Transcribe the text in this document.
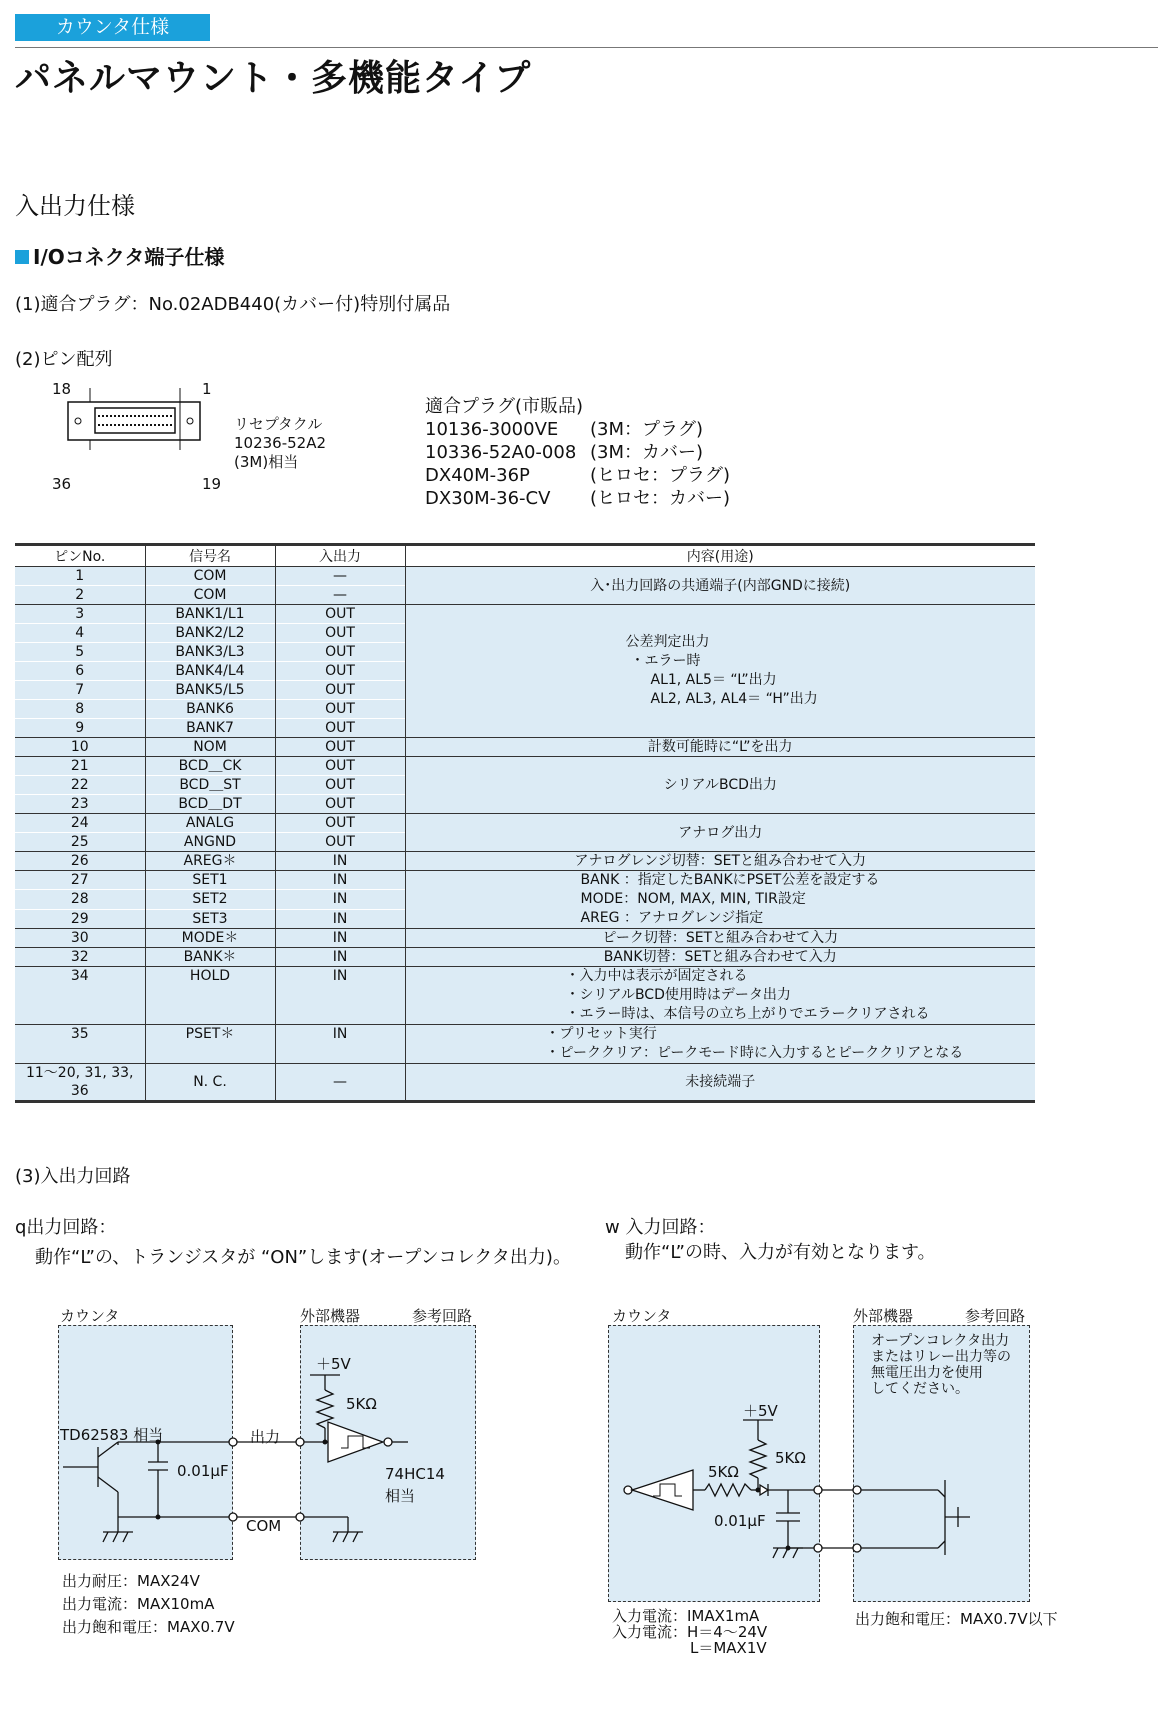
カウンタ仕様
パネルマウント・多機能タイプ
入出力仕様
I/Oコネクタ端子仕様
(1)適合プラグ：No.02ADB440(カバー付)特別付属品
(2)ピン配列
18	1
36	19
リセプタクル
10236-52A2
(3M)相当
適合プラグ(市販品)
10136-3000VE	(3M：プラグ)
10336-52A0-008 (3M：カバー)
DX40M-36P	(ヒロセ：プラグ)
DX30M-36-CV	(ヒロセ：カバー)
ピンNo.	信号名	入出力	内容(用途)
1	COM	—	入･出力回路の共通端子(内部GNDに接続)
2	COM	—	
3	BANK1/L1	OUT	公差判定出力
・エラー時
AL1, AL5＝ “L”出力
AL2, AL3, AL4＝ “H”出力

4	BANK2/L2	OUT	
5	BANK3/L3	OUT	
6	BANK4/L4	OUT	
7	BANK5/L5	OUT	
8	BANK6	OUT	
9	BANK7	OUT	
10	NOM	OUT	計数可能時に“L”を出力
21	BCD＿CK	OUT	シリアルBCD出力
22	BCD＿ST	OUT	
23	BCD＿DT	OUT	
24	ANALG	OUT	アナログ出力
25	ANGND	OUT	
26	AREG＊	IN	アナログレンジ切替：SETと組み合わせて入力
27	SET1	IN	BANK ：指定したBANKにPSET公差を設定する
MODE：NOM, MAX, MIN, TIR設定
AREG ：アナログレンジ指定

28	SET2	IN	
29	SET3	IN	
30	MODE＊	IN	ピーク切替：SETと組み合わせて入力
32	BANK＊	IN	BANK切替：SETと組み合わせて入力
34	HOLD	IN	・入力中は表示が固定される
・シリアルBCD使用時はデータ出力
・エラー時は、本信号の立ち上がりでエラークリアされる

35	PSET＊	IN	・プリセット実行
・ピーククリア：ピークモード時に入力するとピーククリアとなる

11〜20, 31, 33, 36	N. C.	—	未接続端子
(3)入出力回路
q出力回路：
動作“L”の、トランジスタが “ON”します(オープンコレクタ出力)。
w 入力回路：
動作“L”の時、入力が有効となります。
カウンタ	外部機器	参考回路
＋5V
5KΩ
TD62583 相当	出力
0.01μF	74HC14
相当
COM
出力耐圧：MAX24V
出力電流：MAX10mA
出力飽和電圧：MAX0.7V
カウンタ	外部機器	参考回路
＋5V
5KΩ
5KΩ
0.01μF
オープンコレクタ出力
またはリレー出力等の
無電圧出力を使用
してください。
入力電流：IMAX1mA
入力電流：H＝4〜24V
L＝MAX1V
出力飽和電圧：MAX0.7V以下
